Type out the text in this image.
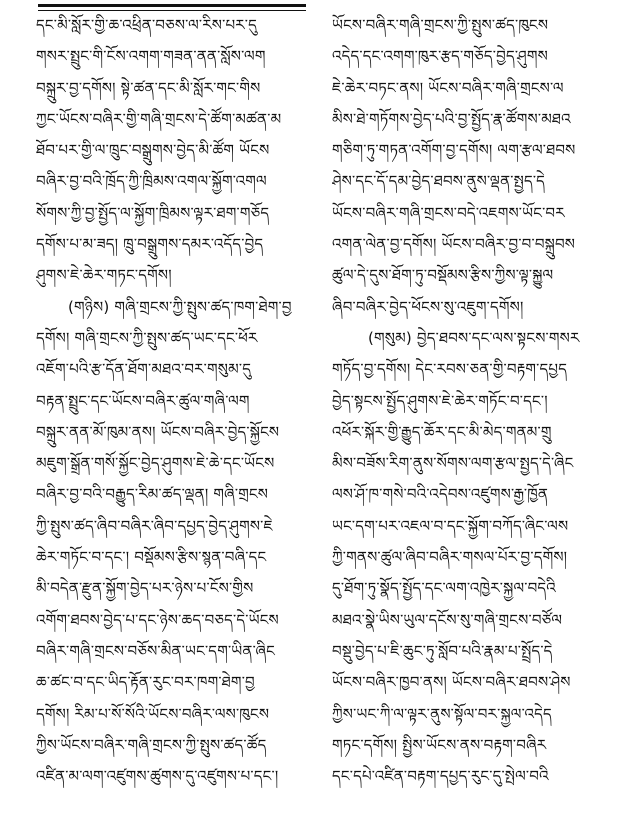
དང་མི་སློར་གྱི་ཆ་འཕྲིན་བཅས་ལ་རིས་པར་དུ
གསར་སྤྲུང་གི་ངོས་འགག་གཟན་ནན་སློས་ལག
བསྐྲུར་བྱ་དགོས། སྟེ་ཚན་དང་མི་སློར་གང་གིས
ཀྱང་ཡོངས་བཞིར་གྱི་གཞི་གྲངས་དེ་ཚོག་མཚན་མ
ཐོབ་པར་གྱི་ལ་ཁྲུང་བསྒྲུགས་བྱེད་མི་ཚོག ཡོངས
བཞིར་བྱ་བའི་ཁྲོད་ཀྱི་ཁྲིམས་འགལ་སྐྱོག་འགལ
སོགས་ཀྱི་བྱ་སྤྱོད་ལ་སྐྱོག་ཁྲིམས་ལྟར་ཐག་གཅོད
དགོས་པ་མ་ཟད། ཁྲུ་བསྒྲུགས་དམར་འདོད་བྱེད
ཤུགས་ཇེ་ཆེར་གཏང་དགོས།
(གཉིས) གཞི་གྲངས་ཀྱི་སྤུས་ཚད་ཁག་ཐེག་བྱ
དགོས། གཞི་གྲངས་ཀྱི་སྤུས་ཚད་ཡང་དང་ཕོར
འཇོག་པའི་རྩ་དོན་ཐོག་མཐའ་བར་གསུམ་དུ
བརྟན་སྤྲུང་དང་ཡོངས་བཞིར་ཚུལ་གཞི་ལག
བསྐྲུར་ནན་མོ་ཁུམ་ནས། ཡོངས་བཞིར་བྱེད་སྐྱོངས
མཇུག་སྒྲོན་གསོ་སྐྱོང་བྱེད་ཤུགས་ཇེ་ཆེ་དང་ཡོངས
བཞིར་བྱ་བའི་བརྒྱུད་རིམ་ཚད་ལྡན། གཞི་གྲངས
ཀྱི་སྤུས་ཚད་ཞིབ་བཞིར་ཞིབ་དཔྱད་བྱེད་ཤུགས་ཇེ
ཆེར་གཏོང་བ་དང་། བསྡོམས་རྩིས་སྙན་བཞི་དང
མི་བདེན་རྫུན་སྐྱོག་བྱེད་པར་ཉེས་པ་ངོས་གྱིས
འགོག་ཐབས་བྱེད་པ་དང་ཉེས་ཆད་བཅད་དེ་ཡོངས
བཞིར་གཞི་གྲངས་བཅོས་མིན་ཡང་དག་ཡིན་ཞིང
ཆ་ཚང་བ་དང་ཡིད་རྟོན་རུང་བར་ཁག་ཐེག་བྱ
དགོས། རིམ་པ་སོ་སོའི་ཡོངས་བཞིར་ལས་ཁུངས
ཀྱིས་ཡོངས་བཞིར་གཞི་གྲངས་ཀྱི་སྤུས་ཚད་ཚོད
འཛིན་མ་ལག་འཛུགས་ཚུགས་དུ་འཛུགས་པ་དང་།
ཡོངས་བཞིར་གཞི་གྲངས་ཀྱི་སྤུས་ཚད་ཁུངས
འདེད་དང་འགག་ཁུར་རྩད་གཅོད་བྱེད་ཤུགས
ཇེ་ཆེར་བཏང་ནས། ཡོངས་བཞིར་གཞི་གྲངས་ལ
མིས་ཐེ་གཏོགས་བྱེད་པའི་བྱ་སྤྱོད་རྣ་ཚོགས་མཐའ
གཅིག་ཏུ་གཏན་འགོག་བྱ་དགོས། ལག་རྩལ་ཐབས
ཤེས་དང་དོ་དམ་བྱེད་ཐབས་ནུས་ལྡན་སྤྱད་དེ
ཡོངས་བཞིར་གཞི་གྲངས་བདེ་འཇགས་ཡོང་བར
འགན་ལེན་བྱ་དགོས། ཡོངས་བཞིར་བྱ་བ་བསྐྲུབས
ཚུལ་དེ་དུས་ཐོག་ཏུ་བསྡོམས་རྩིས་ཀྱིས་ལྟ་སྐྱུལ
ཞིབ་བཞིར་བྱེད་ཕོངས་སུ་འཇུག་དགོས།
(གསུམ) བྱེད་ཐབས་དང་ལས་སྟངས་གསར
གཏོད་བྱ་དགོས། དེང་རབས་ཅན་གྱི་བརྟག་དཔྱད
བྱེད་སྟངས་སྤྱོད་ཤུགས་ཇེ་ཆེར་གཏོང་བ་དང་།
འཕོར་སྐོར་གྱི་རྒྱུད་ཆོར་དང་མི་མེད་གནམ་གྲུ
མིས་བཟོས་རིག་ནུས་སོགས་ལག་རྩལ་སྤྱད་དེ་ཞིང
ལས་ཤོ་ཁ་གསེ་བའི་འདེབས་འཛུགས་རྒྱ་ཁྱོན
ཡང་དག་པར་འཇལ་བ་དང་སྐྱོག་བཀོད་ཞིང་ལས
ཀྱི་གནས་ཚུལ་ཞིབ་བཞིར་གསལ་པོར་བྱ་དགོས།
དུ་ཐོག་ཏུ་སྣོད་སྤྱོད་དང་ལག་འཁྱེར་སྐྱལ་བདེའི
མཐའ་སྣེ་ཡིས་ཡུལ་དངོས་སུ་གཞི་གྲངས་བཙོལ
བསྡུ་བྱེད་པ་ཇི་ཆུང་ཏུ་སློབ་པའི་རྣམ་པ་སྤྲོད་དེ
ཡོངས་བཞིར་ཁྱབ་ནས། ཡོངས་བཞིར་ཐབས་ཤེས
ཀྱིས་ཡང་ཀི་ལ་ལྟར་ནུས་སྟོལ་བར་སྐྱལ་འདེད
གཏང་དགོས། སྤྱིས་ཡོངས་ནས་བརྟག་བཞིར
དང་དཔེ་འཛིན་བརྟག་དཔྱད་རུང་དུ་སྤེལ་བའི
